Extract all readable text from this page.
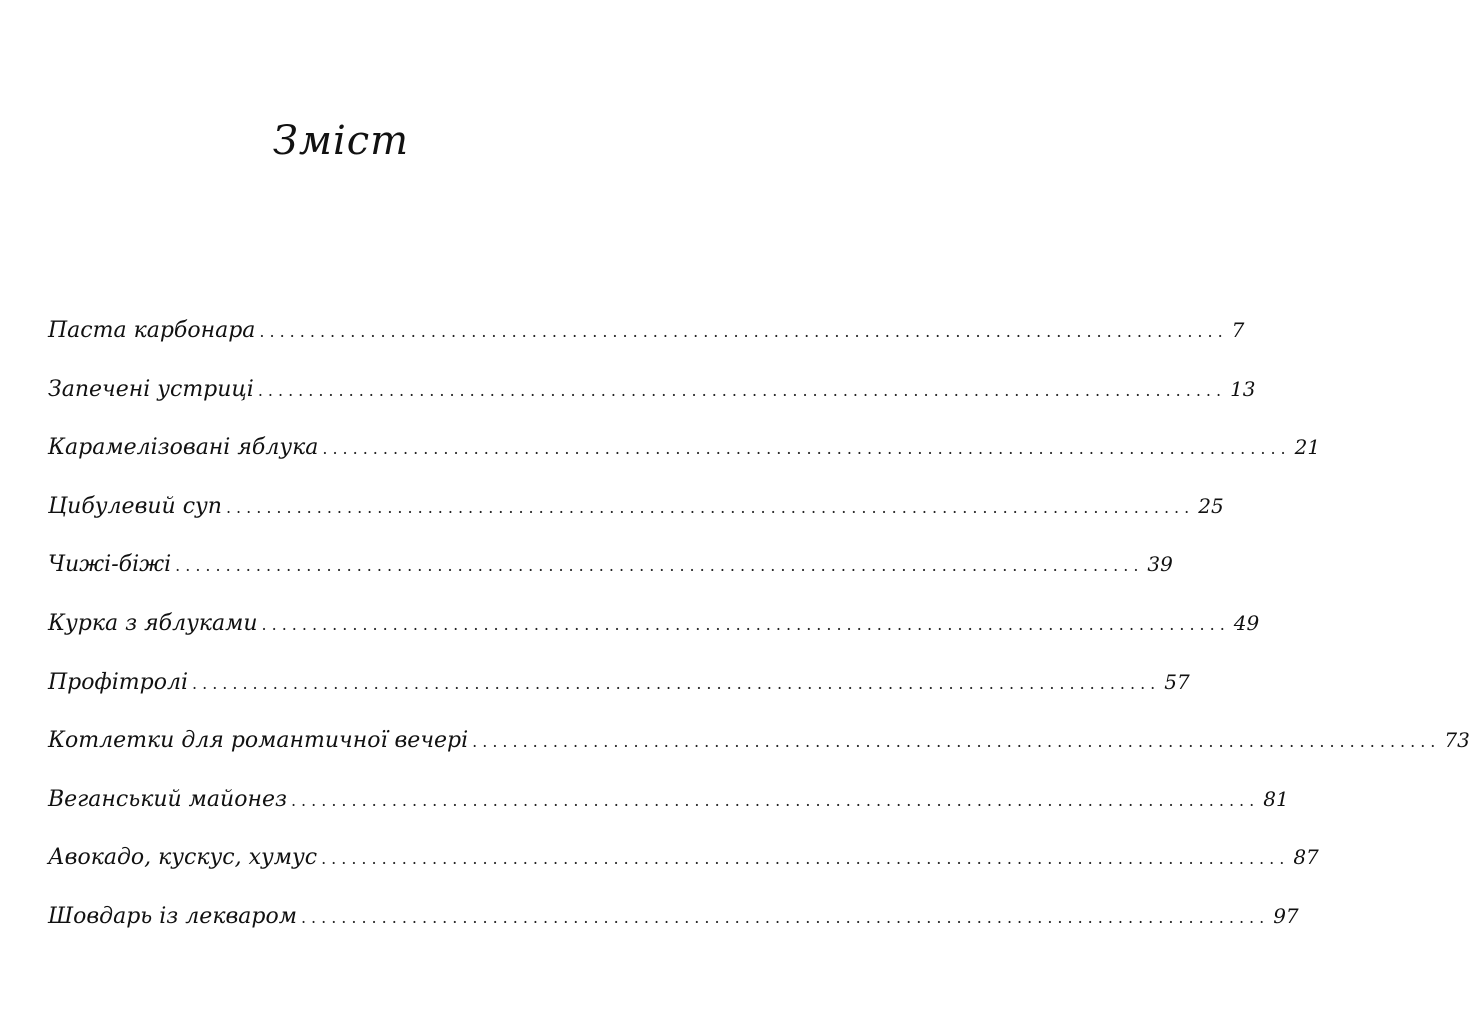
Зміст
Паста карбонара ................................................................................................ 7
Запечені устриці ................................................................................................ 13
Карамелізовані яблука ................................................................................................ 21
Цибулевий суп ................................................................................................ 25
Чижі-біжі ................................................................................................ 39
Курка з яблуками ................................................................................................ 49
Профітролі ................................................................................................ 57
Котлетки для романтичної вечері ................................................................................................ 73
Веганський майонез ................................................................................................ 81
Авокадо, кускус, хумус ................................................................................................ 87
Шовдарь із лекваром ................................................................................................ 97
